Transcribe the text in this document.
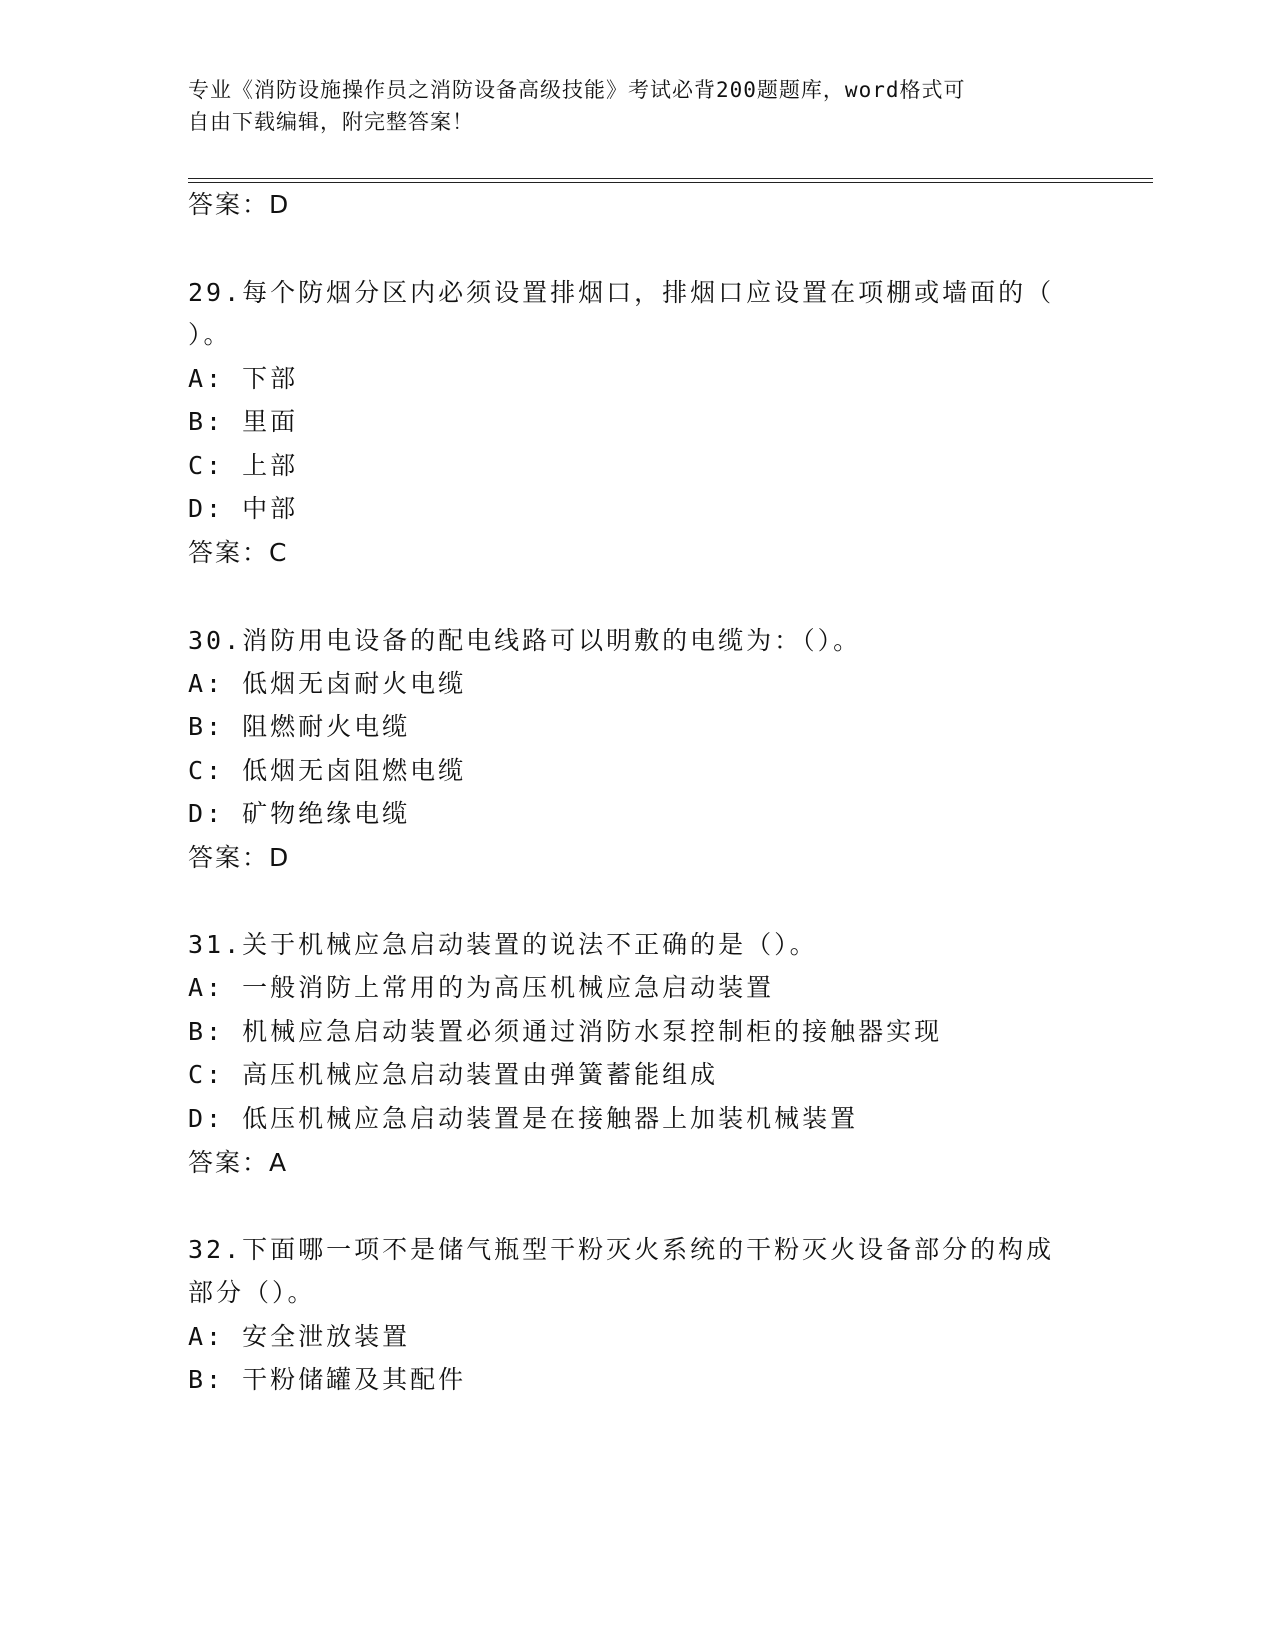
专业《消防设施操作员之消防设备高级技能》考试必背200题题库，word格式可
自由下载编辑，附完整答案！
答案：D
29.每个防烟分区内必须设置排烟口，排烟口应设置在项棚或墙面的（
）。
A: 下部
B: 里面
C: 上部
D: 中部
答案：C
30.消防用电设备的配电线路可以明敷的电缆为：（）。
A: 低烟无卤耐火电缆
B: 阻燃耐火电缆
C: 低烟无卤阻燃电缆
D: 矿物绝缘电缆
答案：D
31.关于机械应急启动装置的说法不正确的是（）。
A: 一般消防上常用的为高压机械应急启动装置
B: 机械应急启动装置必须通过消防水泵控制柜的接触器实现
C: 高压机械应急启动装置由弹簧蓄能组成
D: 低压机械应急启动装置是在接触器上加装机械装置
答案：A
32.下面哪一项不是储气瓶型干粉灭火系统的干粉灭火设备部分的构成
部分（）。
A: 安全泄放装置
B: 干粉储罐及其配件
